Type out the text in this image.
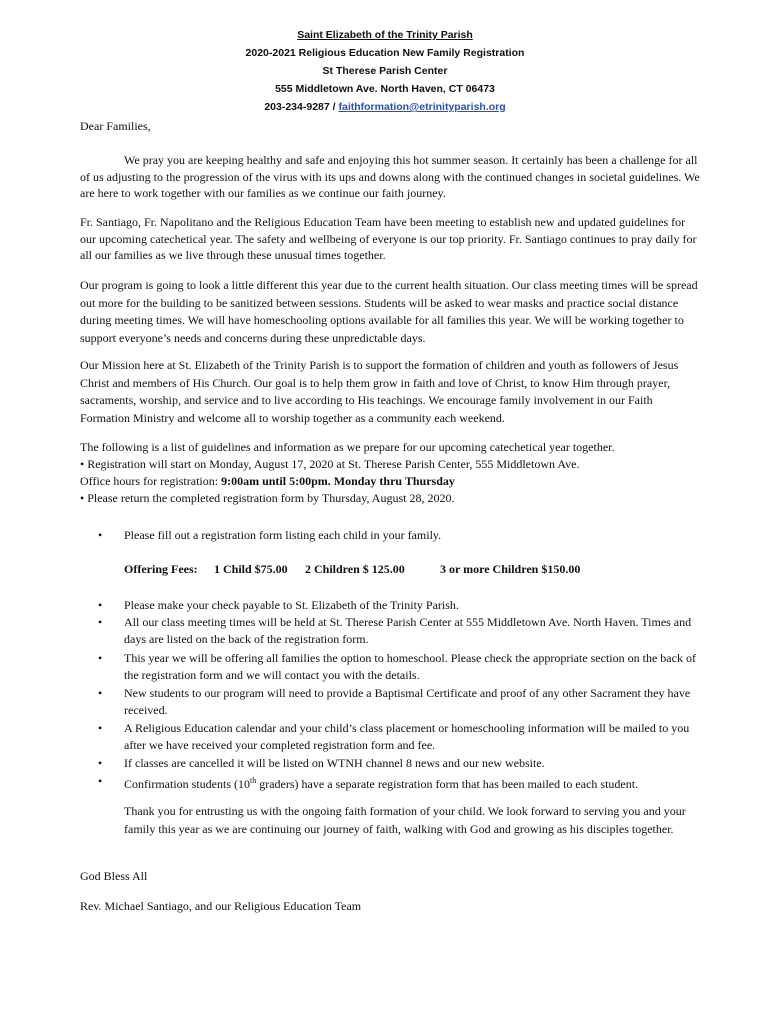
Saint Elizabeth of the Trinity Parish
2020-2021 Religious Education New Family Registration
St Therese Parish Center
555 Middletown Ave. North Haven, CT 06473
203-234-9287 / faithformation@etrinityparish.org
Dear Families,
We pray you are keeping healthy and safe and enjoying this hot summer season. It certainly has been a challenge for all of us adjusting to the progression of the virus with its ups and downs along with the continued changes in societal guidelines. We are here to work together with our families as we continue our faith journey.
Fr. Santiago, Fr. Napolitano and the Religious Education Team have been meeting to establish new and updated guidelines for our upcoming catechetical year. The safety and wellbeing of everyone is our top priority. Fr. Santiago continues to pray daily for all our families as we live through these unusual times together.
Our program is going to look a little different this year due to the current health situation. Our class meeting times will be spread out more for the building to be sanitized between sessions. Students will be asked to wear masks and practice social distance during meeting times. We will have homeschooling options available for all families this year. We will be working together to support everyone’s needs and concerns during these unpredictable days.
Our Mission here at St. Elizabeth of the Trinity Parish is to support the formation of children and youth as followers of Jesus Christ and members of His Church. Our goal is to help them grow in faith and love of Christ, to know Him through prayer, sacraments, worship, and service and to live according to His teachings. We encourage family involvement in our Faith Formation Ministry and welcome all to worship together as a community each weekend.
The following is a list of guidelines and information as we prepare for our upcoming catechetical year together.
• Registration will start on Monday, August 17, 2020 at St. Therese Parish Center, 555 Middletown Ave.
Office hours for registration: 9:00am until 5:00pm. Monday thru Thursday
• Please return the completed registration form by Thursday, August 28, 2020.
•	Please fill out a registration form listing each child in your family.
Offering Fees: 1 Child $75.00 2 Children $ 125.00	3 or more Children $150.00
•	Please make your check payable to St. Elizabeth of the Trinity Parish.
•	All our class meeting times will be held at St. Therese Parish Center at 555 Middletown Ave. North Haven. Times and days are listed on the back of the registration form.
•	This year we will be offering all families the option to homeschool. Please check the appropriate section on the back of the registration form and we will contact you with the details.
•	New students to our program will need to provide a Baptismal Certificate and proof of any other Sacrament they have received.
•	A Religious Education calendar and your child’s class placement or homeschooling information will be mailed to you after we have received your completed registration form and fee.
•	If classes are cancelled it will be listed on WTNH channel 8 news and our new website.
•	Confirmation students (10th graders) have a separate registration form that has been mailed to each student.
Thank you for entrusting us with the ongoing faith formation of your child. We look forward to serving you and your family this year as we are continuing our journey of faith, walking with God and growing as his disciples together.
God Bless All
Rev. Michael Santiago, and our Religious Education Team
